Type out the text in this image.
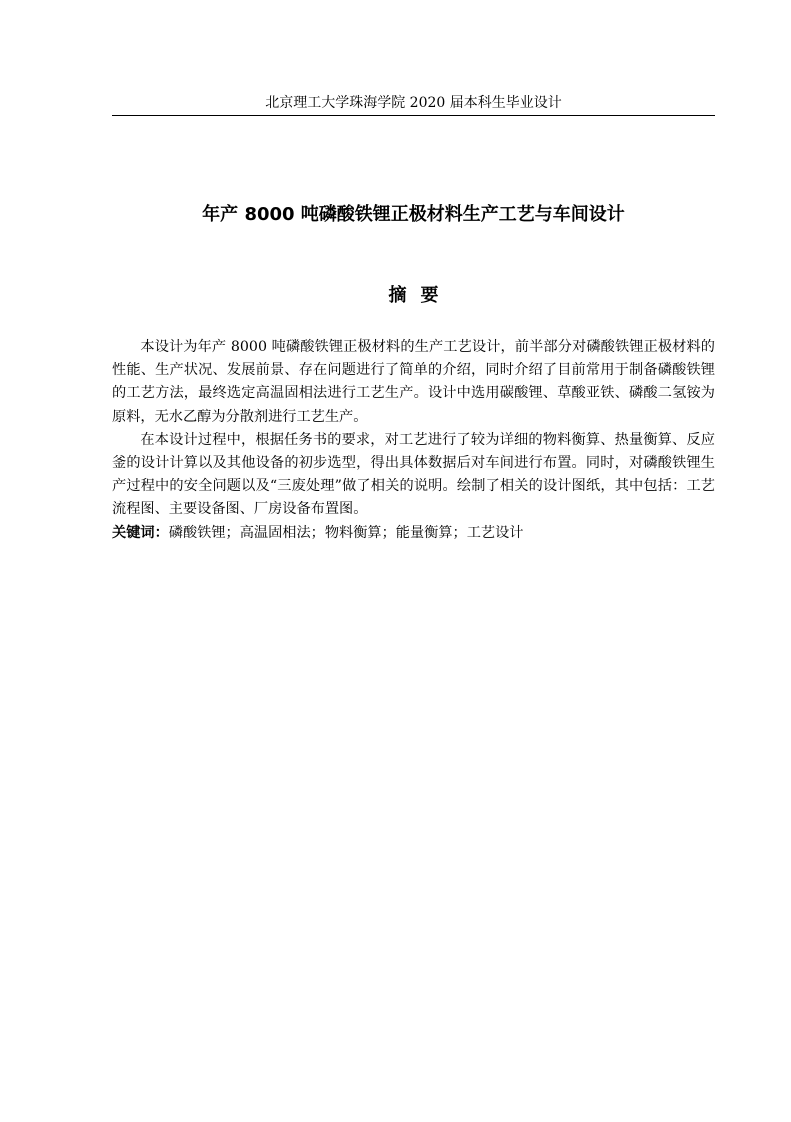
北京理工大学珠海学院 2020 届本科生毕业设计
年产 8000 吨磷酸铁锂正极材料生产工艺与车间设计
摘要

本设计为年产 8000 吨磷酸铁锂正极材料的生产工艺设计，前半部分对磷酸铁锂正极材料的性能、生产状况、发展前景、存在问题进行了简单的介绍，同时介绍了目前常用于制备磷酸铁锂的工艺方法，最终选定高温固相法进行工艺生产。设计中选用碳酸锂、草酸亚铁、磷酸二氢铵为原料，无水乙醇为分散剂进行工艺生产。

在本设计过程中，根据任务书的要求，对工艺进行了较为详细的物料衡算、热量衡算、反应釜的设计计算以及其他设备的初步选型，得出具体数据后对车间进行布置。同时，对磷酸铁锂生产过程中的安全问题以及“三废处理”做了相关的说明。绘制了相关的设计图纸，其中包括：工艺流程图、主要设备图、厂房设备布置图。

关键词：磷酸铁锂；高温固相法；物料衡算；能量衡算；工艺设计
